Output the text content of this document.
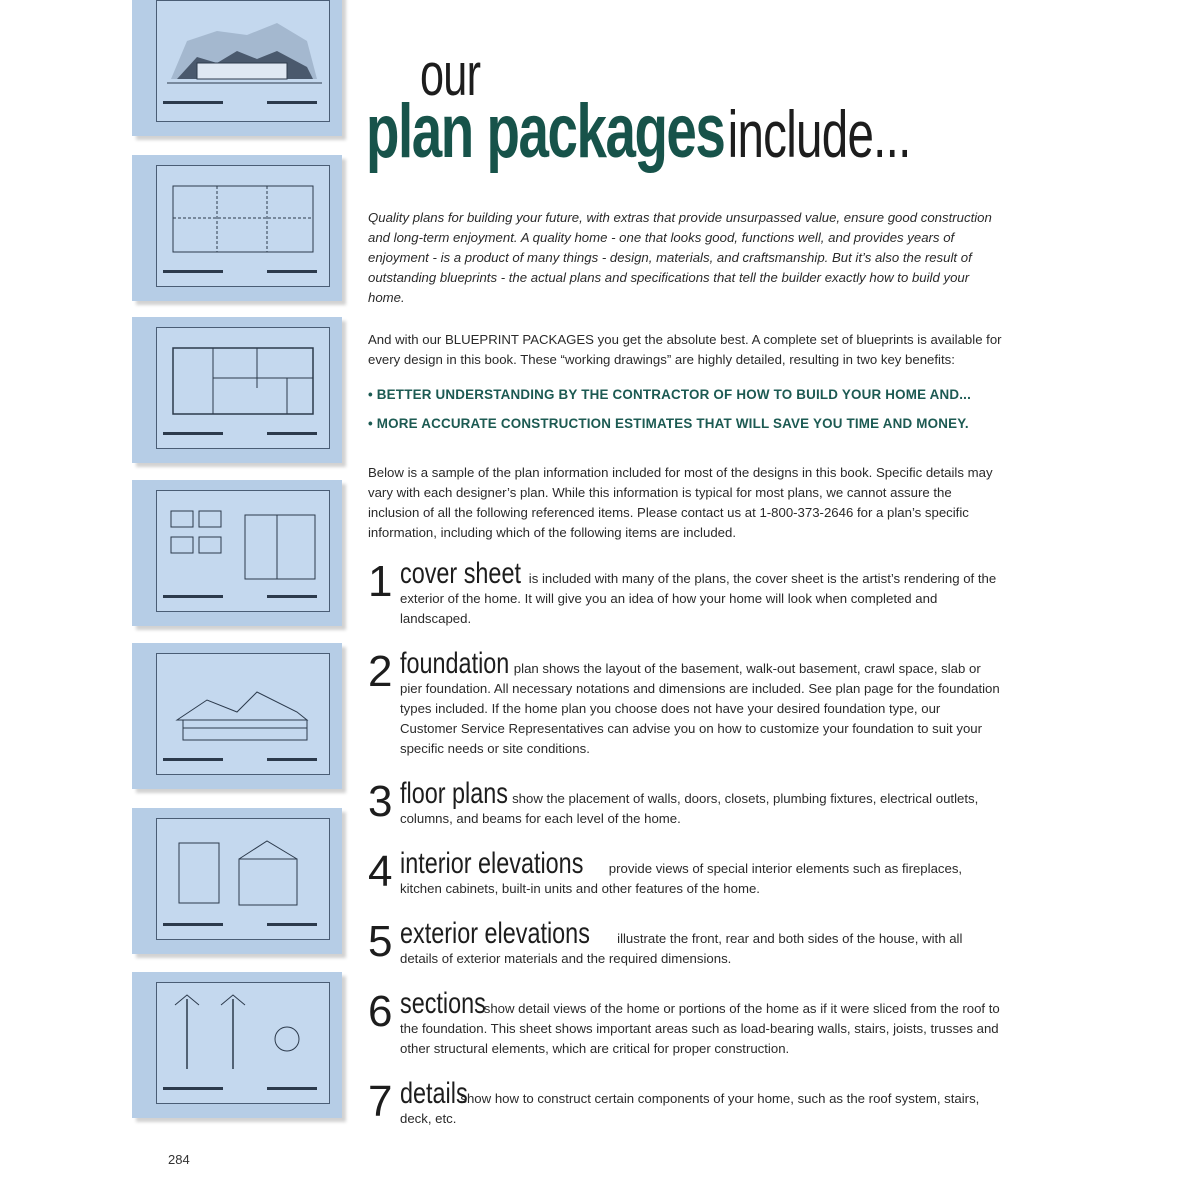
our
plan packages include...
Quality plans for building your future, with extras that provide unsurpassed value, ensure good construction and long-term enjoyment. A quality home - one that looks good, functions well, and provides years of enjoyment - is a product of many things - design, materials, and craftsmanship. But it’s also the result of outstanding blueprints - the actual plans and specifications that tell the builder exactly how to build your home.
And with our BLUEPRINT PACKAGES you get the absolute best. A complete set of blueprints is available for every design in this book. These “working drawings” are highly detailed, resulting in two key benefits:
• BETTER UNDERSTANDING BY THE CONTRACTOR OF HOW TO BUILD YOUR HOME AND...
• MORE ACCURATE CONSTRUCTION ESTIMATES THAT WILL SAVE YOU TIME AND MONEY.
Below is a sample of the plan information included for most of the designs in this book. Specific details may vary with each designer’s plan. While this information is typical for most plans, we cannot assure the inclusion of all the following referenced items. Please contact us at 1-800-373-2646 for a plan’s specific information, including which of the following items are included.
1 cover sheet is included with many of the plans, the cover sheet is the artist’s rendering of the exterior of the home. It will give you an idea of how your home will look when completed and landscaped.
2 foundation plan shows the layout of the basement, walk-out basement, crawl space, slab or pier foundation. All necessary notations and dimensions are included. See plan page for the foundation types included. If the home plan you choose does not have your desired foundation type, our Customer Service Representatives can advise you on how to customize your foundation to suit your specific needs or site conditions.
3 floor plans show the placement of walls, doors, closets, plumbing fixtures, electrical outlets, columns, and beams for each level of the home.
4 interior elevations provide views of special interior elements such as fireplaces, kitchen cabinets, built-in units and other features of the home.
5 exterior elevations illustrate the front, rear and both sides of the house, with all details of exterior materials and the required dimensions.
6 sections show detail views of the home or portions of the home as if it were sliced from the roof to the foundation. This sheet shows important areas such as load-bearing walls, stairs, joists, trusses and other structural elements, which are critical for proper construction.
7 details show how to construct certain components of your home, such as the roof system, stairs, deck, etc.
284
